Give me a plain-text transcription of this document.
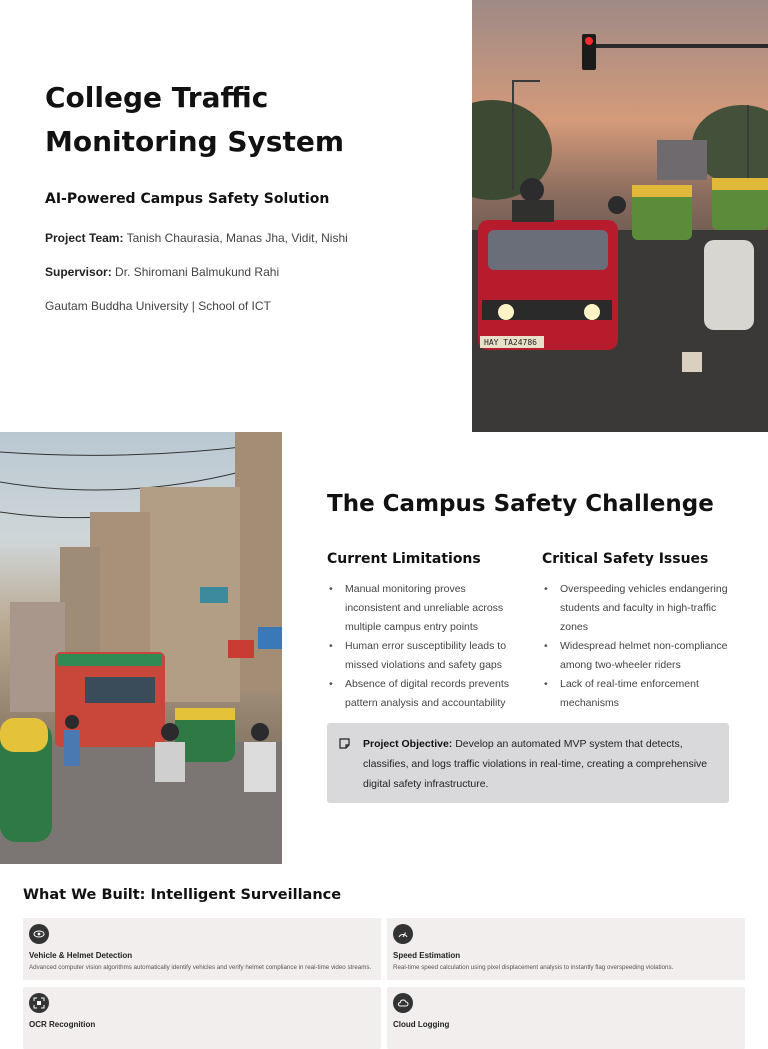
College Traffic Monitoring System
AI-Powered Campus Safety Solution

Project Team: Tanish Chaurasia, Manas Jha, Vidit, Nishi

Supervisor: Dr. Shiromani Balmukund Rahi

Gautam Buddha University | School of ICT

HAY TA24786
The Campus Safety Challenge
Current Limitations
• Manual monitoring proves inconsistent and unreliable across multiple campus entry points
• Human error susceptibility leads to missed violations and safety gaps
• Absence of digital records prevents pattern analysis and accountability
Critical Safety Issues
• Overspeeding vehicles endangering students and faculty in high-traffic zones
• Widespread helmet non-compliance among two-wheeler riders
• Lack of real-time enforcement mechanisms
Project Objective: Develop an automated MVP system that detects, classifies, and logs traffic violations in real-time, creating a comprehensive digital safety infrastructure.
What We Built: Intelligent Surveillance
Vehicle & Helmet Detection
Advanced computer vision algorithms automatically identify vehicles and verify helmet compliance in real-time video streams.
Speed Estimation
Real-time speed calculation using pixel displacement analysis to instantly flag overspeeding violations.
OCR Recognition	Cloud Logging
